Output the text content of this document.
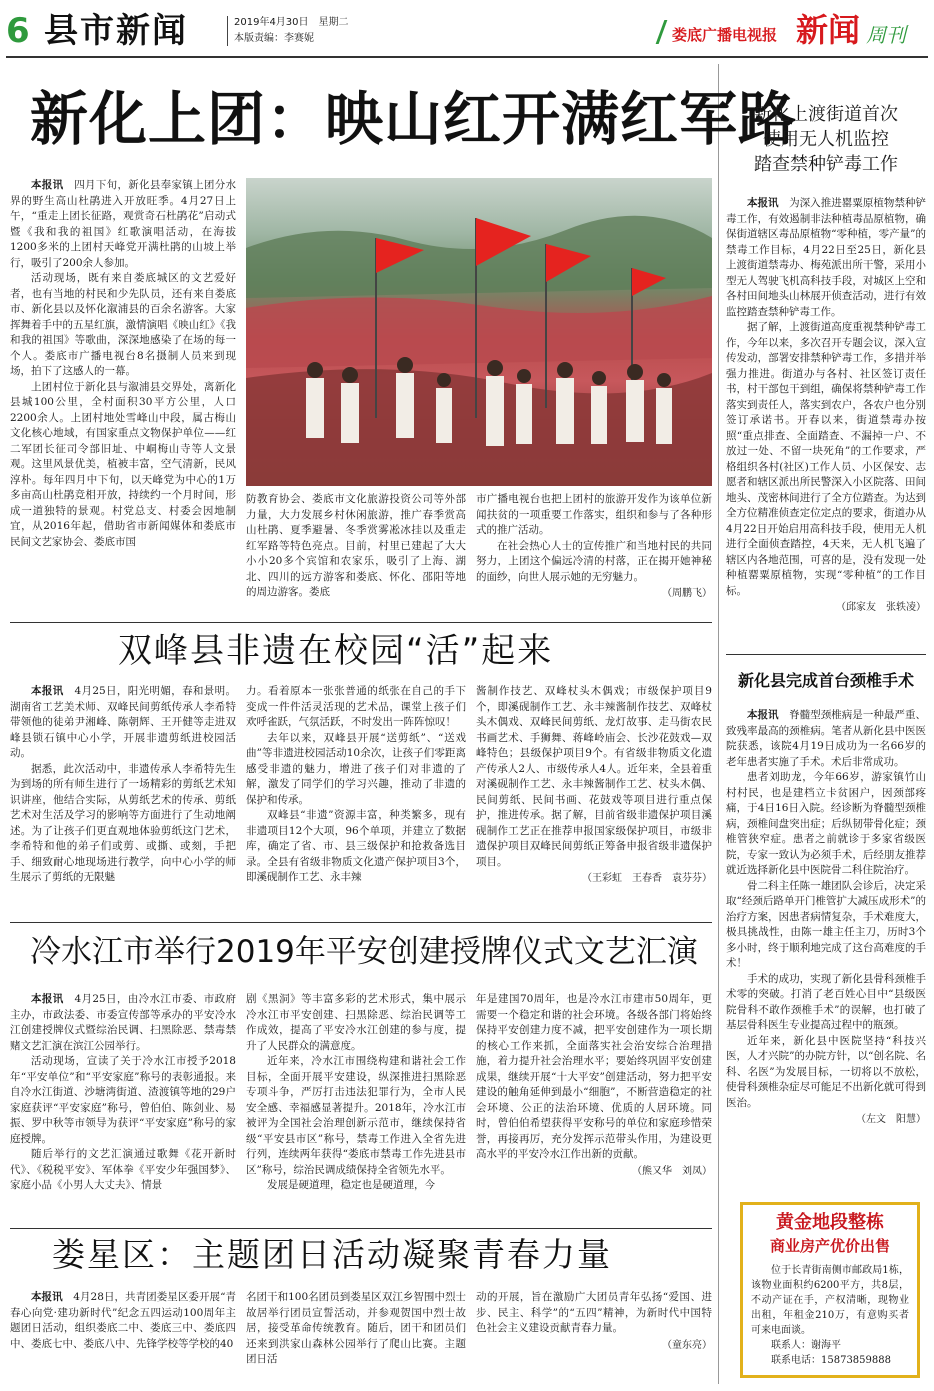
6 县市新闻	2019年4月30日　星期二
本版责编：李赛妮	娄底广播电视报 新闻 周刊
新化上团：映山红开满红军路

本报讯　 四月下旬，新化县奉家镇上团分水界的野生高山杜鹃进入开放旺季。4月27日上午，“重走上团长征路，观赏奇石杜鹃花”启动式暨《我和我的祖国》红歌演唱活动，在海拔1200多米的上团村天峰党开满杜鹃的山坡上举行，吸引了200余人参加。

活动现场，既有来自娄底城区的文艺爱好者，也有当地的村民和少先队员，还有来自娄底市、新化县以及怀化溆浦县的百余名游客。大家挥舞着手中的五星红旗，激情演唱《映山红》《我和我的祖国》等歌曲，深深地感染了在场的每一个人。娄底市广播电视台8名摄制人员来到现场，拍下了这感人的一幕。

上团村位于新化县与溆浦县交界处，离新化县城100公里，全村面积30平方公里，人口2200余人。上团村地处雪峰山中段，属古梅山文化核心地域，有国家重点文物保护单位——红二军团长征司令部旧址、中峒梅山寺等人文景观。这里风景优美，植被丰富，空气清新，民风淳朴。每年四月中下旬，以天峰党为中心的1万多亩高山杜鹃竞相开放，持续约一个月时间，形成一道独特的景观。村党总支、村委会因地制宜，从2016年起，借助省市新闻媒体和娄底市民间文艺家协会、娄底市国

防教育协会、娄底市文化旅游投资公司等外部力量，大力发展乡村休闲旅游，推广春季赏高山杜鹃、夏季避暑、冬季赏雾凇冰挂以及重走红军路等特色亮点。目前，村里已建起了大大小小20多个宾馆和农家乐，吸引了上海、湖北、四川的远方游客和娄底、怀化、邵阳等地的周边游客。娄底

市广播电视台也把上团村的旅游开发作为该单位新闻扶贫的一项重要工作落实，组织和参与了各种形式的推广活动。

在社会热心人士的宣传推广和当地村民的共同努力，上团这个偏远冷清的村落，正在揭开她神秘的面纱，向世人展示她的无穷魅力。

（周鹏飞）
双峰县非遗在校园“活”起来

本报讯　 4月25日，阳光明媚，春和景明。湖南省工艺美术师、双峰民间剪纸传承人李希特带领他的徒弟尹湘峰、陈朝辉、王开健等走进双峰县锁石镇中心小学，开展非遗剪纸进校园活动。

据悉，此次活动中，非遗传承人李希特先生为到场的所有师生进行了一场精彩的剪纸艺术知识讲座，他结合实际，从剪纸艺术的传承、剪纸艺术对生活及学习的影响等方面进行了生动地阐述。为了让孩子们更直观地体验剪纸这门艺术，李希特和他的弟子们或剪、或撕、或刻，手把手、细致耐心地现场进行教学，向中心小学的师生展示了剪纸的无限魅

力。看着原本一张张普通的纸张在自己的手下变成一件件活灵活现的艺术品，课堂上孩子们欢呼雀跃，气氛活跃，不时发出一阵阵惊叹！

去年以来，双峰县开展“送剪纸”、“送戏曲”等非遗进校园活动10余次，让孩子们零距离感受非遗的魅力，增进了孩子们对非遗的了解，激发了同学们的学习兴趣，推动了非遗的保护和传承。

双峰县“非遗”资源丰富，种类繁多，现有非遗项目12个大项，96个单项，并建立了数据库，确定了省、市、县三级保护和抢救备选目录。全县有省级非物质文化遗产保护项目3个，即溪砚制作工艺、永丰辣

酱制作技艺、双峰杖头木偶戏；市级保护项目9个，即溪砚制作工艺、永丰辣酱制作技艺、双峰杖头木偶戏、双峰民间剪纸、龙灯故事、走马街农民书画艺术、手狮舞、蒋峰岭庙会、长沙花鼓戏—双峰特色；县级保护项目9个。有省级非物质文化遗产传承人2人、市级传承人4人。近年来，全县着重对溪砚制作工艺、永丰辣酱制作工艺、杖头木偶、民间剪纸、民间书画、花鼓戏等项目进行重点保护，推进传承。据了解，目前省级非遗保护项目溪砚制作工艺正在推荐申报国家级保护项目，市级非遗保护项目双峰民间剪纸正筹备申报省级非遗保护项目。

（王彩虹　王春香　袁芬芬）
冷水江市举行2019年平安创建授牌仪式文艺汇演

本报讯　 4月25日，由冷水江市委、市政府主办，市政法委、市委宣传部等承办的平安冷水江创建授牌仪式暨综治民调、扫黑除恶、禁毒禁赌文艺汇演在滨江公园举行。

活动现场，宣读了关于冷水江市授予2018年“平安单位”和“平安家庭”称号的表彰通报。来自冷水江街道、沙塘湾街道、渣渡镇等地的29户家庭获评“平安家庭”称号，曾伯伯、陈剑业、易振、罗中秋等市领导为获评“平安家庭”称号的家庭授牌。

随后举行的文艺汇演通过歌舞《花开新时代》、《税税平安》、军体拳《平安少年强国梦》、家庭小品《小男人大丈夫》、情景

剧《黑洞》等丰富多彩的艺术形式，集中展示冷水江市平安创建、扫黑除恶、综治民调等工作成效，提高了平安冷水江创建的参与度，提升了人民群众的满意度。

近年来，冷水江市围绕构建和谐社会工作目标，全面开展平安建设，纵深推进扫黑除恶专项斗争，严厉打击违法犯罪行为，全市人民安全感、幸福感显著提升。2018年，冷水江市被评为全国社会治理创新示范市，继续保持省级“平安县市区”称号，禁毒工作进入全省先进行列，连续两年获得“娄底市禁毒工作先进县市区”称号，综治民调成绩保持全省领先水平。

发展是硬道理，稳定也是硬道理，今

年是建国70周年，也是冷水江市建市50周年，更需要一个稳定和谐的社会环境。各级各部门将始终保持平安创建力度不减，把平安创建作为一项长期的核心工作来抓，全面落实社会治安综合治理措施，着力提升社会治理水平；要始终巩固平安创建成果，继续开展“十大平安”创建活动，努力把平安建设的触角延伸到最小“细胞”，不断营造稳定的社会环境、公正的法治环境、优质的人居环境。同时，曾伯伯希望获得平安称号的单位和家庭珍惜荣誉，再接再厉，充分发挥示范带头作用，为建设更高水平的平安冷水江作出新的贡献。

（熊又华　刘凤）
娄星区：主题团日活动凝聚青春力量

本报讯　 4月28日，共青团娄星区委开展“青春心向党·建功新时代”纪念五四运动100周年主题团日活动，组织娄底二中、娄底三中、娄底四中、娄底七中、娄底八中、先锋学校等学校的40

名团干和100名团员到娄星区双江乡智围中烈士故居举行团员宣誓活动，并参观贺国中烈士故居，接受革命传统教育。随后，团干和团员们还来到洪家山森林公园举行了爬山比赛。主题团日活

动的开展，旨在激励广大团员青年弘扬“爱国、进步、民主、科学”的“五四”精神，为新时代中国特色社会主义建设贡献青春力量。

（童东亮）
新化上渡街道首次
使用无人机监控
踏查禁种铲毒工作

本报讯　 为深入推进罂粟原植物禁种铲毒工作，有效遏制非法种植毒品原植物，确保街道辖区毒品原植物“零种植，零产量”的禁毒工作目标，4月22日至25日，新化县上渡街道禁毒办、梅苑派出所干警，采用小型无人驾驶飞机高科技手段，对城区上空和各村田间地头山林展开侦查活动，进行有效监控踏查禁种铲毒工作。

据了解，上渡街道高度重视禁种铲毒工作，今年以来，多次召开专题会议，深入宣传发动，部署安排禁种铲毒工作，多措并举强力推进。街道办与各村、社区签订责任书，村干部包干到组，确保将禁种铲毒工作落实到责任人，落实到农户，各农户也分别签订承诺书。开春以来，街道禁毒办按照“重点排查、全面踏查、不漏掉一户、不放过一处、不留一块死角”的工作要求，严格组织各村(社区)工作人员、小区保安、志愿者和辖区派出所民警深入小区院落、田间地头、茂密林间进行了全方位踏查。为达到全方位精准侦查定位定点的要求，街道办从4月22日开始启用高科技手段，使用无人机进行全面侦查踏控，4天来，无人机飞遍了辖区内各地范围，可喜的是，没有发现一处种植罂粟原植物，实现“零种植”的工作目标。

（邱家友　张轶凌）
新化县完成首台颈椎手术

本报讯　 脊髓型颈椎病是一种最严重、致残率最高的颈椎病。笔者从新化县中医医院获悉，该院4月19日成功为一名66岁的老年患者实施了手术。术后非常成功。

患者刘助龙，今年66岁，游家镇竹山村村民，也是建档立卡贫困户，因颈部疼痛，于4日16日入院。经诊断为脊髓型颈椎病，颈椎间盘突出症；后纵韧带骨化症；颈椎管狭窄症。患者之前就诊于多家省级医院，专家一致认为必须手术，后经朋友推荐就近选择新化县中医院骨二科住院治疗。

骨二科主任陈一雄团队会诊后，决定采取“经颈后路单开门椎管扩大减压成形术”的治疗方案，因患者病情复杂，手术难度大，极具挑战性，由陈一雄主任主刀，历时3个多小时，终于顺利地完成了这台高难度的手术！

手术的成功，实现了新化县骨科颈椎手术零的突破。打消了老百姓心目中“县级医院骨科不敢作颈椎手术”的误解，也打破了基层骨科医生专业提高过程中的瓶颈。

近年来，新化县中医院坚持“科技兴医，人才兴院”的办院方针，以“创名院、名科、名医”为发展目标，一切将以不放松，使骨科颈椎杂症尽可能足不出新化就可得到医治。

（左文　阳慧）
黄金地段整栋
商业房产优价出售
位于长青街南侧市邮政局1栋，该物业面积约6200平方，共8层，不动产证在手，产权清晰，现物业出租，年租金210万，有意购买者可来电面谈。
联系人：谢海平
联系电话：15873859888
